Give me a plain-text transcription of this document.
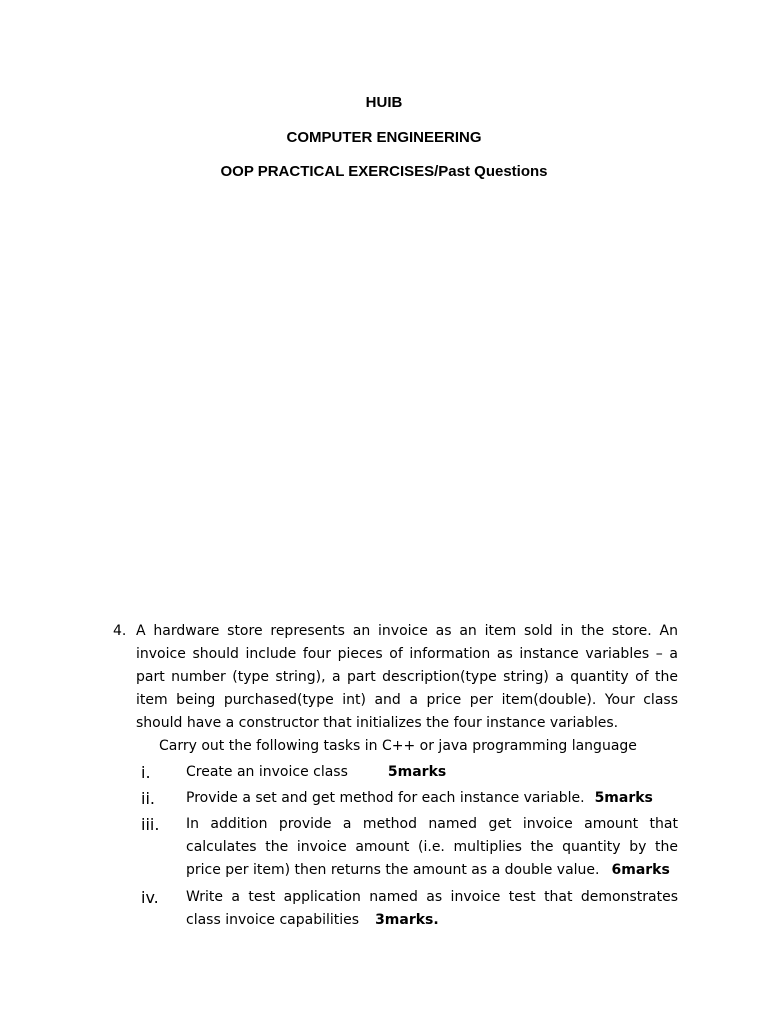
HUIB
COMPUTER ENGINEERING
OOP PRACTICAL EXERCISES/Past Questions
4. A hardware store represents an invoice as an item sold in the store. An invoice should include four pieces of information as instance variables – a part number (type string), a part description(type string) a quantity of the item being purchased(type int) and a price per item(double). Your class should have a constructor that initializes the four instance variables.
Carry out the following tasks in C++ or java programming language
i.	Create an invoice class	5marks
ii. Provide a set and get method for each instance variable. 5marks
iii. In addition provide a method named get invoice amount that calculates the invoice amount (i.e. multiplies the quantity by the price per item) then returns the amount as a double value. 6marks
iv. Write a test application named as invoice test that demonstrates class invoice capabilities 3marks.
